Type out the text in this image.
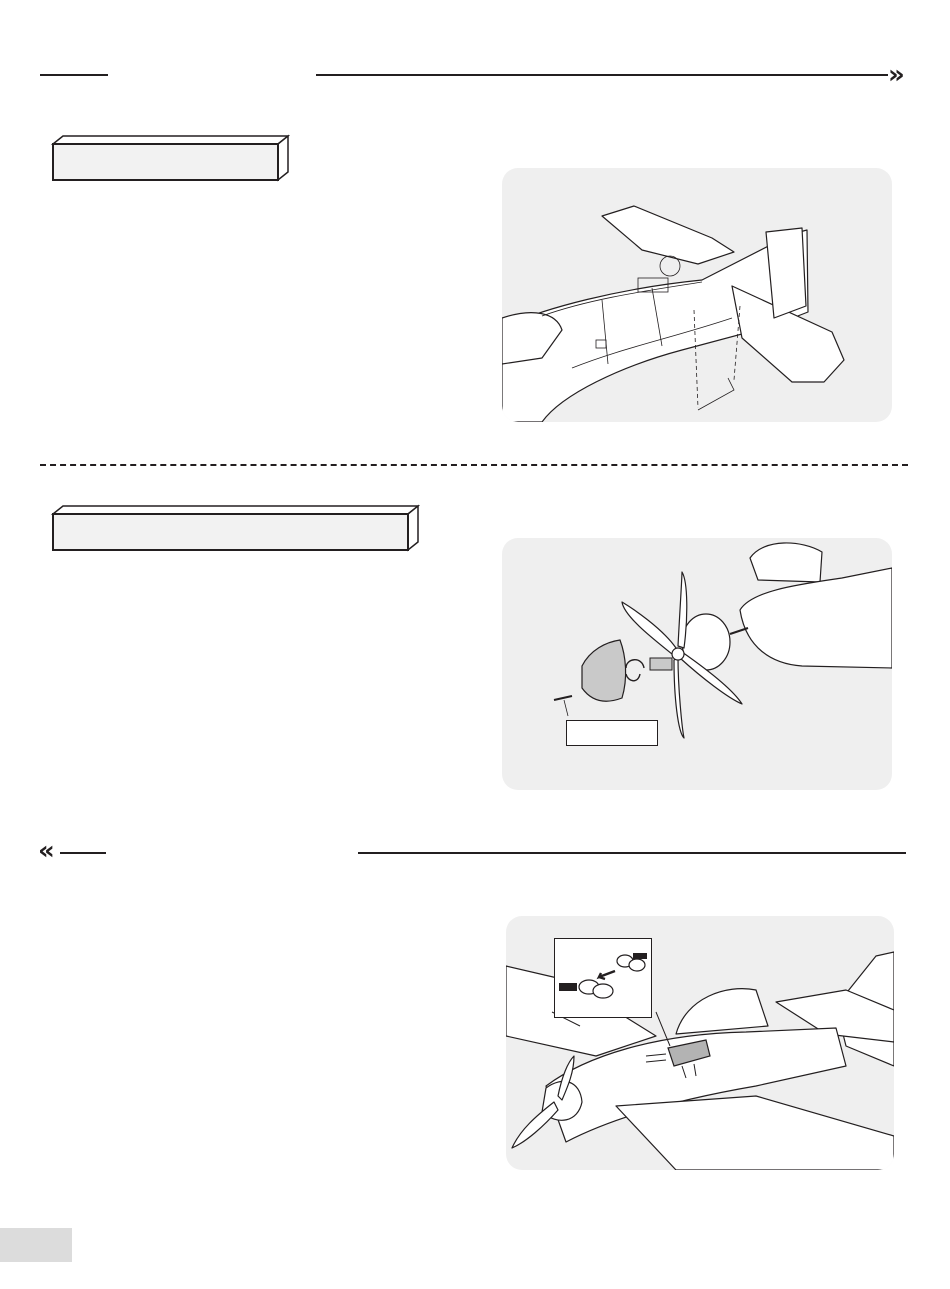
»
«
